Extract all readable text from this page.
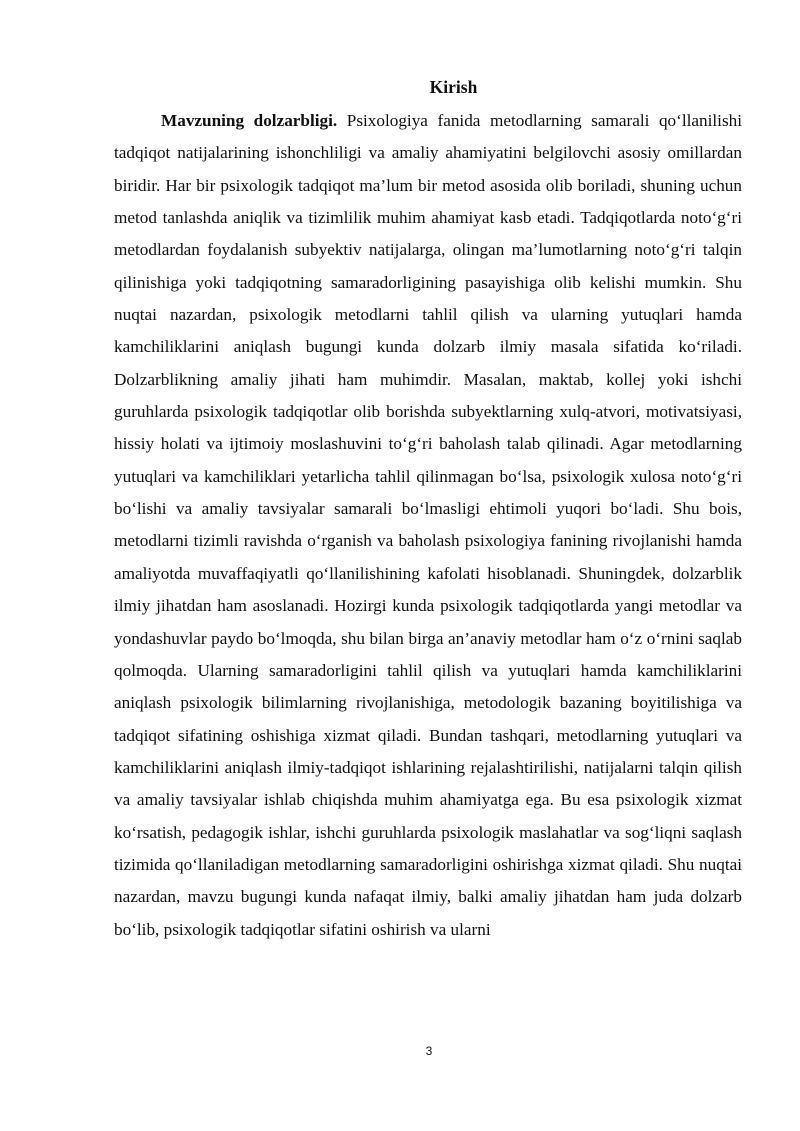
Kirish

Mavzuning dolzarbligi. Psixologiya fanida metodlarning samarali qo‘llanilishi tadqiqot natijalarining ishonchliligi va amaliy ahamiyatini belgilovchi asosiy omillardan biridir. Har bir psixologik tadqiqot ma’lum bir metod asosida olib boriladi, shuning uchun metod tanlashda aniqlik va tizimlilik muhim ahamiyat kasb etadi. Tadqiqotlarda noto‘g‘ri metodlardan foydalanish subyektiv natijalarga, olingan ma’lumotlarning noto‘g‘ri talqin qilinishiga yoki tadqiqotning samaradorligining pasayishiga olib kelishi mumkin. Shu nuqtai nazardan, psixologik metodlarni tahlil qilish va ularning yutuqlari hamda kamchiliklarini aniqlash bugungi kunda dolzarb ilmiy masala sifatida ko‘riladi. Dolzarblikning amaliy jihati ham muhimdir. Masalan, maktab, kollej yoki ishchi guruhlarda psixologik tadqiqotlar olib borishda subyektlarning xulq-atvori, motivatsiyasi, hissiy holati va ijtimoiy moslashuvini to‘g‘ri baholash talab qilinadi. Agar metodlarning yutuqlari va kamchiliklari yetarlicha tahlil qilinmagan bo‘lsa, psixologik xulosa noto‘g‘ri bo‘lishi va amaliy tavsiyalar samarali bo‘lmasligi ehtimoli yuqori bo‘ladi. Shu bois, metodlarni tizimli ravishda o‘rganish va baholash psixologiya fanining rivojlanishi hamda amaliyotda muvaffaqiyatli qo‘llanilishining kafolati hisoblanadi. Shuningdek, dolzarblik ilmiy jihatdan ham asoslanadi. Hozirgi kunda psixologik tadqiqotlarda yangi metodlar va yondashuvlar paydo bo‘lmoqda, shu bilan birga an’anaviy metodlar ham o‘z o‘rnini saqlab qolmoqda. Ularning samaradorligini tahlil qilish va yutuqlari hamda kamchiliklarini aniqlash psixologik bilimlarning rivojlanishiga, metodologik bazaning boyitilishiga va tadqiqot sifatining oshishiga xizmat qiladi. Bundan tashqari, metodlarning yutuqlari va kamchiliklarini aniqlash ilmiy-tadqiqot ishlarining rejalashtirilishi, natijalarni talqin qilish va amaliy tavsiyalar ishlab chiqishda muhim ahamiyatga ega. Bu esa psixologik xizmat ko‘rsatish, pedagogik ishlar, ishchi guruhlarda psixologik maslahatlar va sog‘liqni saqlash tizimida qo‘llaniladigan metodlarning samaradorligini oshirishga xizmat qiladi. Shu nuqtai nazardan, mavzu bugungi kunda nafaqat ilmiy, balki amaliy jihatdan ham juda dolzarb bo‘lib, psixologik tadqiqotlar sifatini oshirish va ularni

3
